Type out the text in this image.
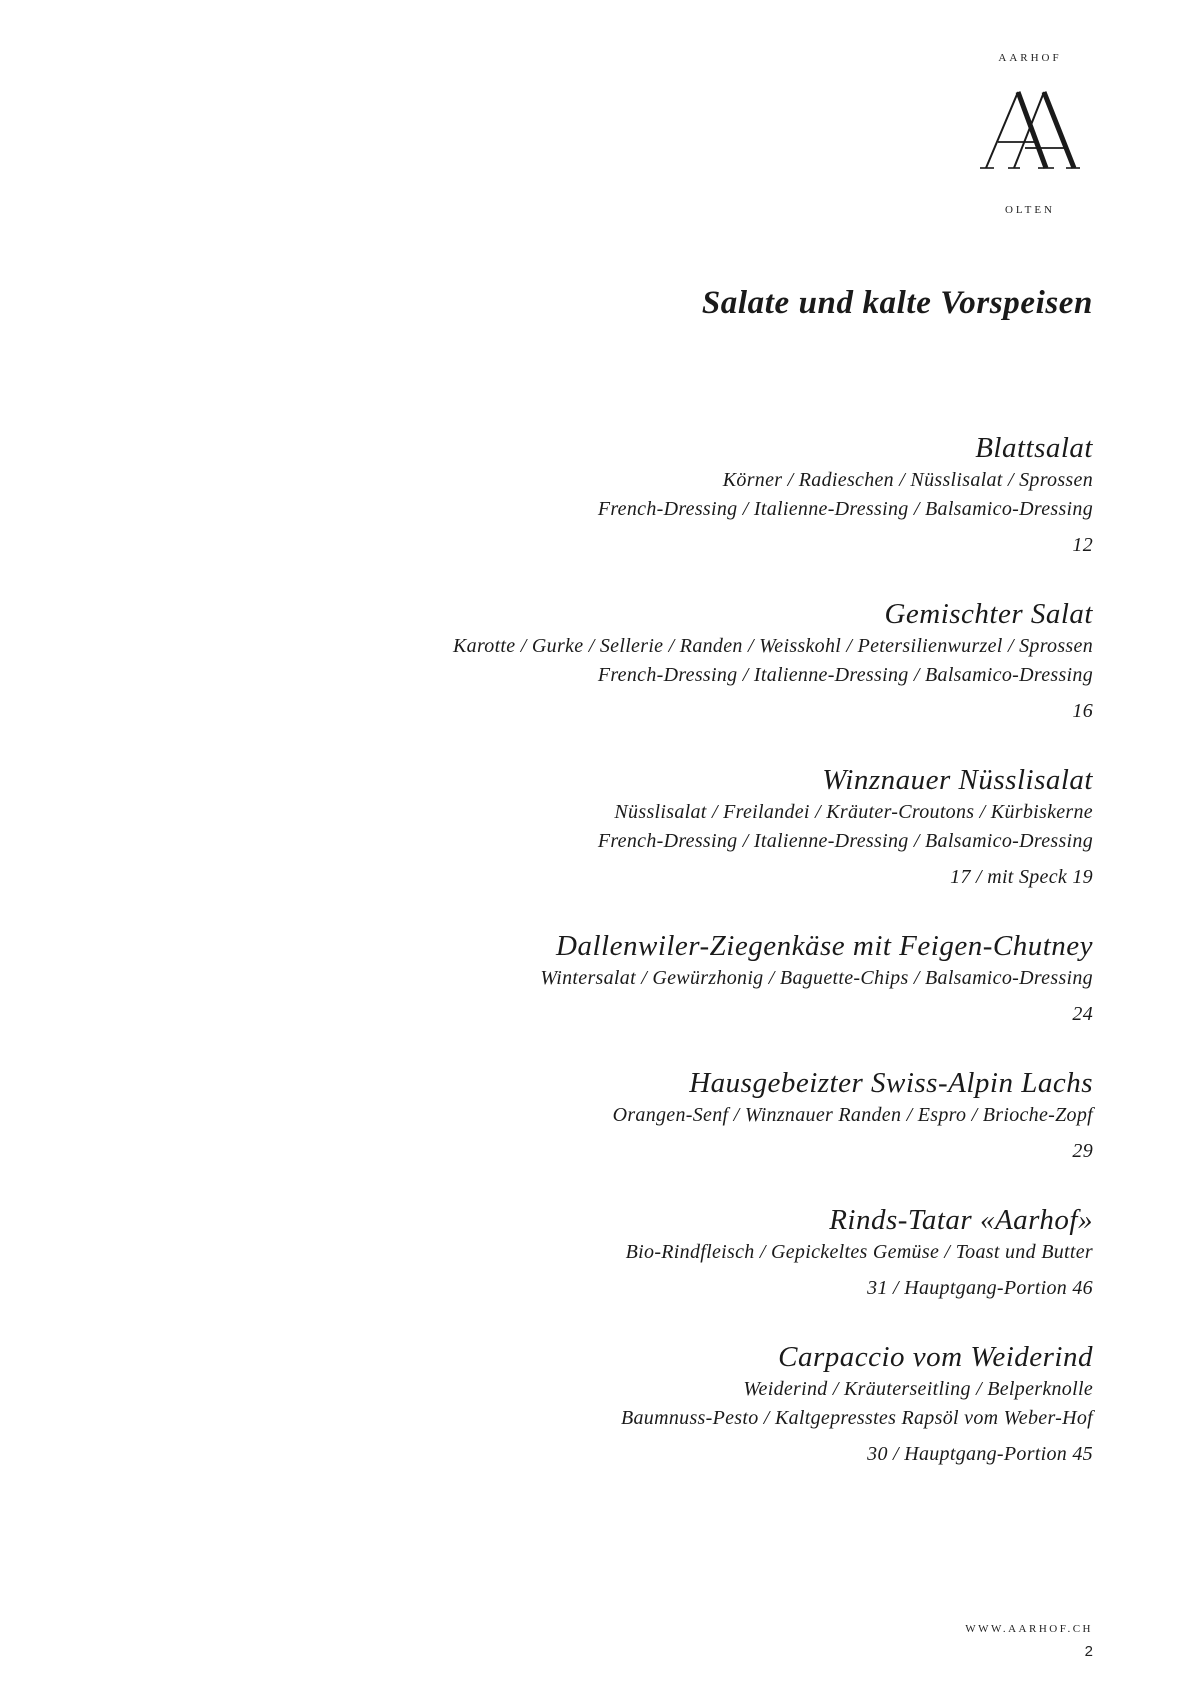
AARHOF
OLTEN
Salate und kalte Vorspeisen
Blattsalat
Körner / Radieschen / Nüsslisalat / Sprossen
French-Dressing / Italienne-Dressing / Balsamico-Dressing
12
Gemischter Salat
Karotte / Gurke / Sellerie / Randen / Weisskohl / Petersilienwurzel / Sprossen
French-Dressing / Italienne-Dressing / Balsamico-Dressing
16
Winznauer Nüsslisalat
Nüsslisalat / Freilandei / Kräuter-Croutons / Kürbiskerne
French-Dressing / Italienne-Dressing / Balsamico-Dressing
17 / mit Speck 19
Dallenwiler-Ziegenkäse mit Feigen-Chutney
Wintersalat / Gewürzhonig / Baguette-Chips / Balsamico-Dressing
24
Hausgebeizter Swiss-Alpin Lachs
Orangen-Senf / Winznauer Randen / Espro / Brioche-Zopf
29
Rinds-Tatar «Aarhof»
Bio-Rindfleisch / Gepickeltes Gemüse / Toast und Butter
31 / Hauptgang-Portion 46
Carpaccio vom Weiderind
Weiderind / Kräuterseitling / Belperknolle
Baumnuss-Pesto / Kaltgepresstes Rapsöl vom Weber-Hof
30 / Hauptgang-Portion 45
WWW.AARHOF.CH
2
